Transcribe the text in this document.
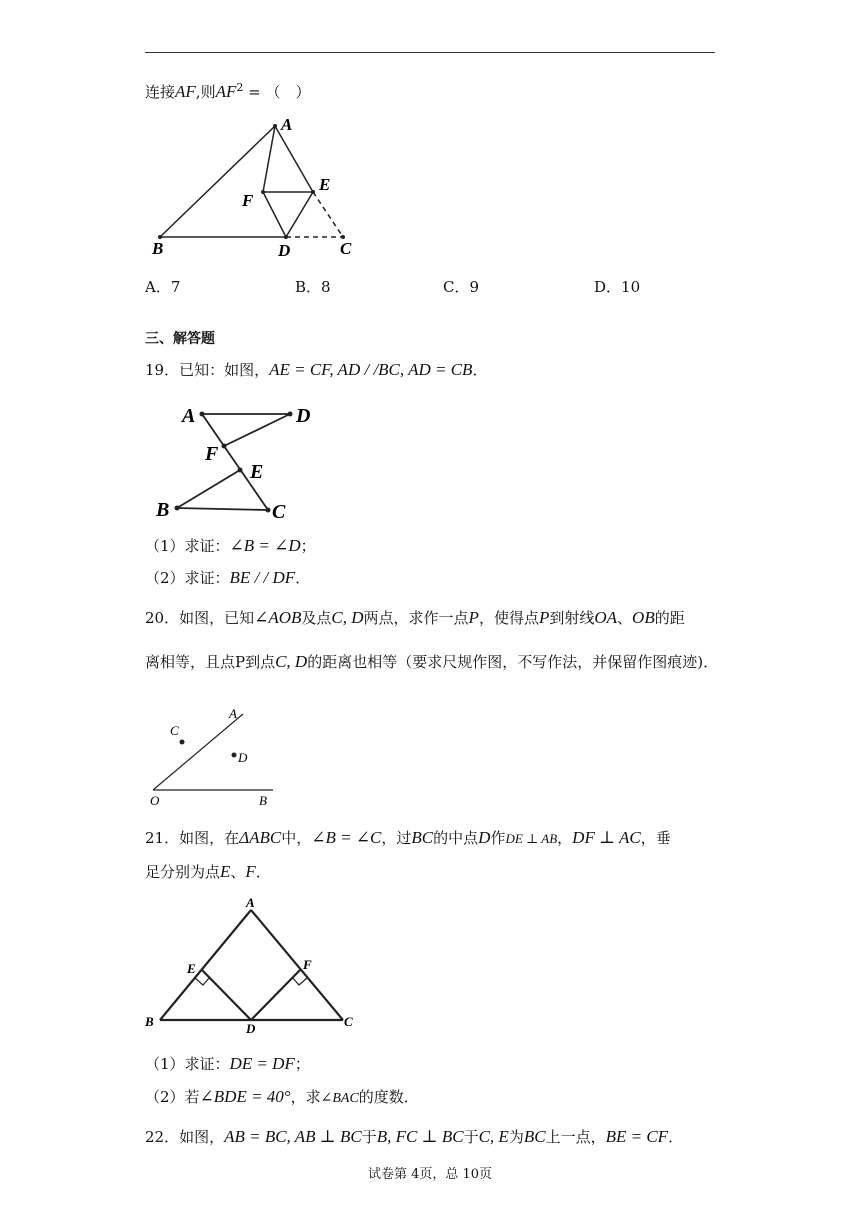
连接AF,则$AF^2$ = （　）
A
E
F
B	D	C
A．7	B．8	C．9	D．10
三、解答题
19．已知：如图，AE = CF, AD / /BC, AD = CB．
A	D
F
E
B	C
（1）求证：∠B = ∠D；
（2）求证：BE / / DF．
20．如图，已知∠AOB及点C, D两点，求作一点P，使得点P到射线OA、OB的距
离相等，且点P到点C, D的距离也相等（要求尺规作图，不写作法，并保留作图痕迹)．
A
C
D
O	B
21．如图，在ΔABC中，∠B = ∠C，过BC的中点D作DE ⊥ AB，DF ⊥ AC，垂
足分别为点E、F．
A
E	F
B	D	C
（1）求证：DE = DF；
（2）若∠BDE = 40°，求∠BAC的度数．
22．如图，AB = BC, AB ⊥ BC于B, FC ⊥ BC于C, E为BC上一点，BE = CF．
试卷第 4页，总 10页
